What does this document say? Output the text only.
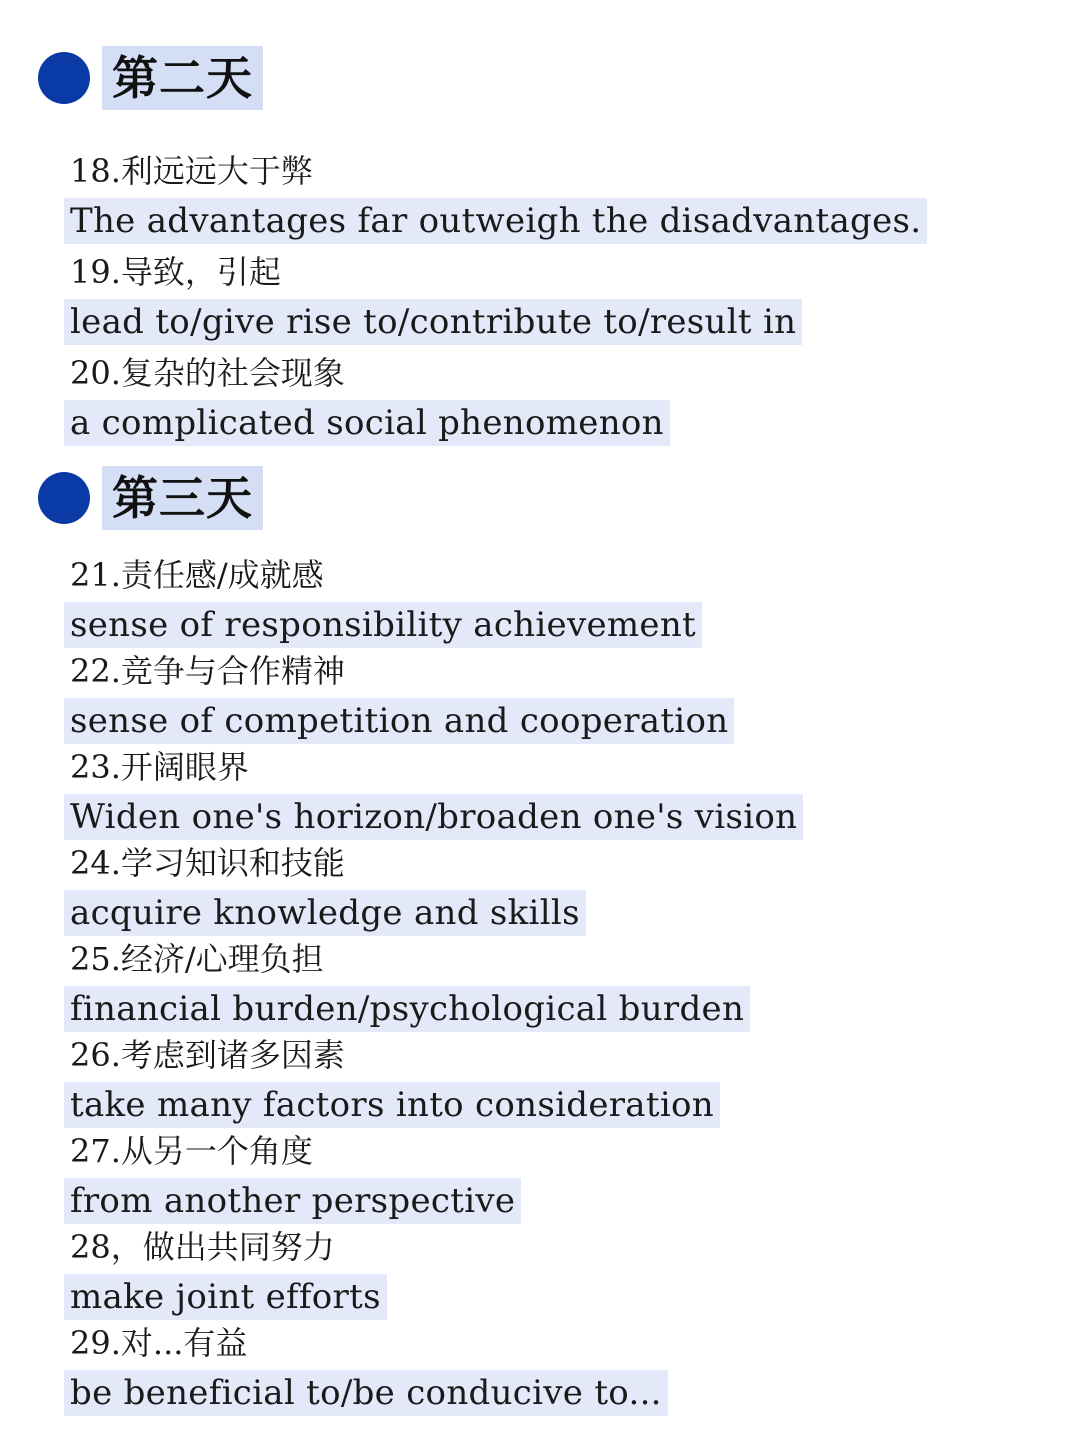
第二天
18.利远远大于弊
The advantages far outweigh the disadvantages.
19.导致，引起
lead to/give rise to/contribute to/result in
20.复杂的社会现象
a complicated social phenomenon
第三天
21.责任感/成就感
sense of responsibility achievement
22.竞争与合作精神
sense of competition and cooperation
23.开阔眼界
Widen one's horizon/broaden one's vision
24.学习知识和技能
acquire knowledge and skills
25.经济/心理负担
financial burden/psychological burden
26.考虑到诸多因素
take many factors into consideration
27.从另一个角度
from another perspective
28，做出共同努力
make joint efforts
29.对...有益
be beneficial to/be conducive to...
